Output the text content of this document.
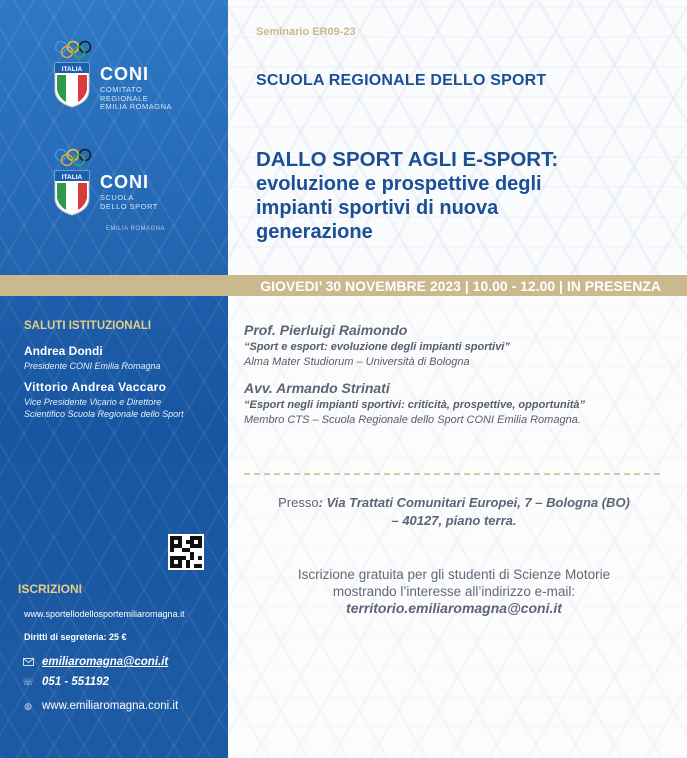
ITALIA CONI
COMITATO
REGIONALE
EMILIA ROMAGNA
ITALIA CONI
SCUOLA
DELLO SPORT
EMILIA ROMAGNA
Seminario ER09-23
SCUOLA REGIONALE DELLO SPORT
DALLO SPORT AGLI E-SPORT:
evoluzione e prospettive degli
impianti sportivi di nuova
generazione
GIOVEDI’ 30 NOVEMBRE 2023 | 10.00 - 12.00 | IN PRESENZA
SALUTI ISTITUZIONALI
Andrea Dondi
Presidente CONI Emilia Romagna
Vittorio Andrea Vaccaro
Vice Presidente Vicario e Direttore
Scientifico Scuola Regionale dello Sport
ISCRIZIONI
www.sportellodellosportemiliaromagna.it
Diritti di segreteria: 25 €
emiliaromagna@coni.it
☏ 051 - 551192
◍ www.emiliaromagna.coni.it
Prof. Pierluigi Raimondo
“Sport e esport: evoluzione degli impianti sportivi”
Alma Mater Studiorum – Università di Bologna
Avv. Armando Strinati
“Esport negli impianti sportivi: criticità, prospettive, opportunità”
Membro CTS – Scuola Regionale dello Sport CONI Emilia Romagna.
Presso: Via Trattati Comunitari Europei, 7 – Bologna (BO)
– 40127, piano terra.
Iscrizione gratuita per gli studenti di Scienze Motorie
mostrando l’interesse all’indirizzo e-mail:
territorio.emiliaromagna@coni.it
